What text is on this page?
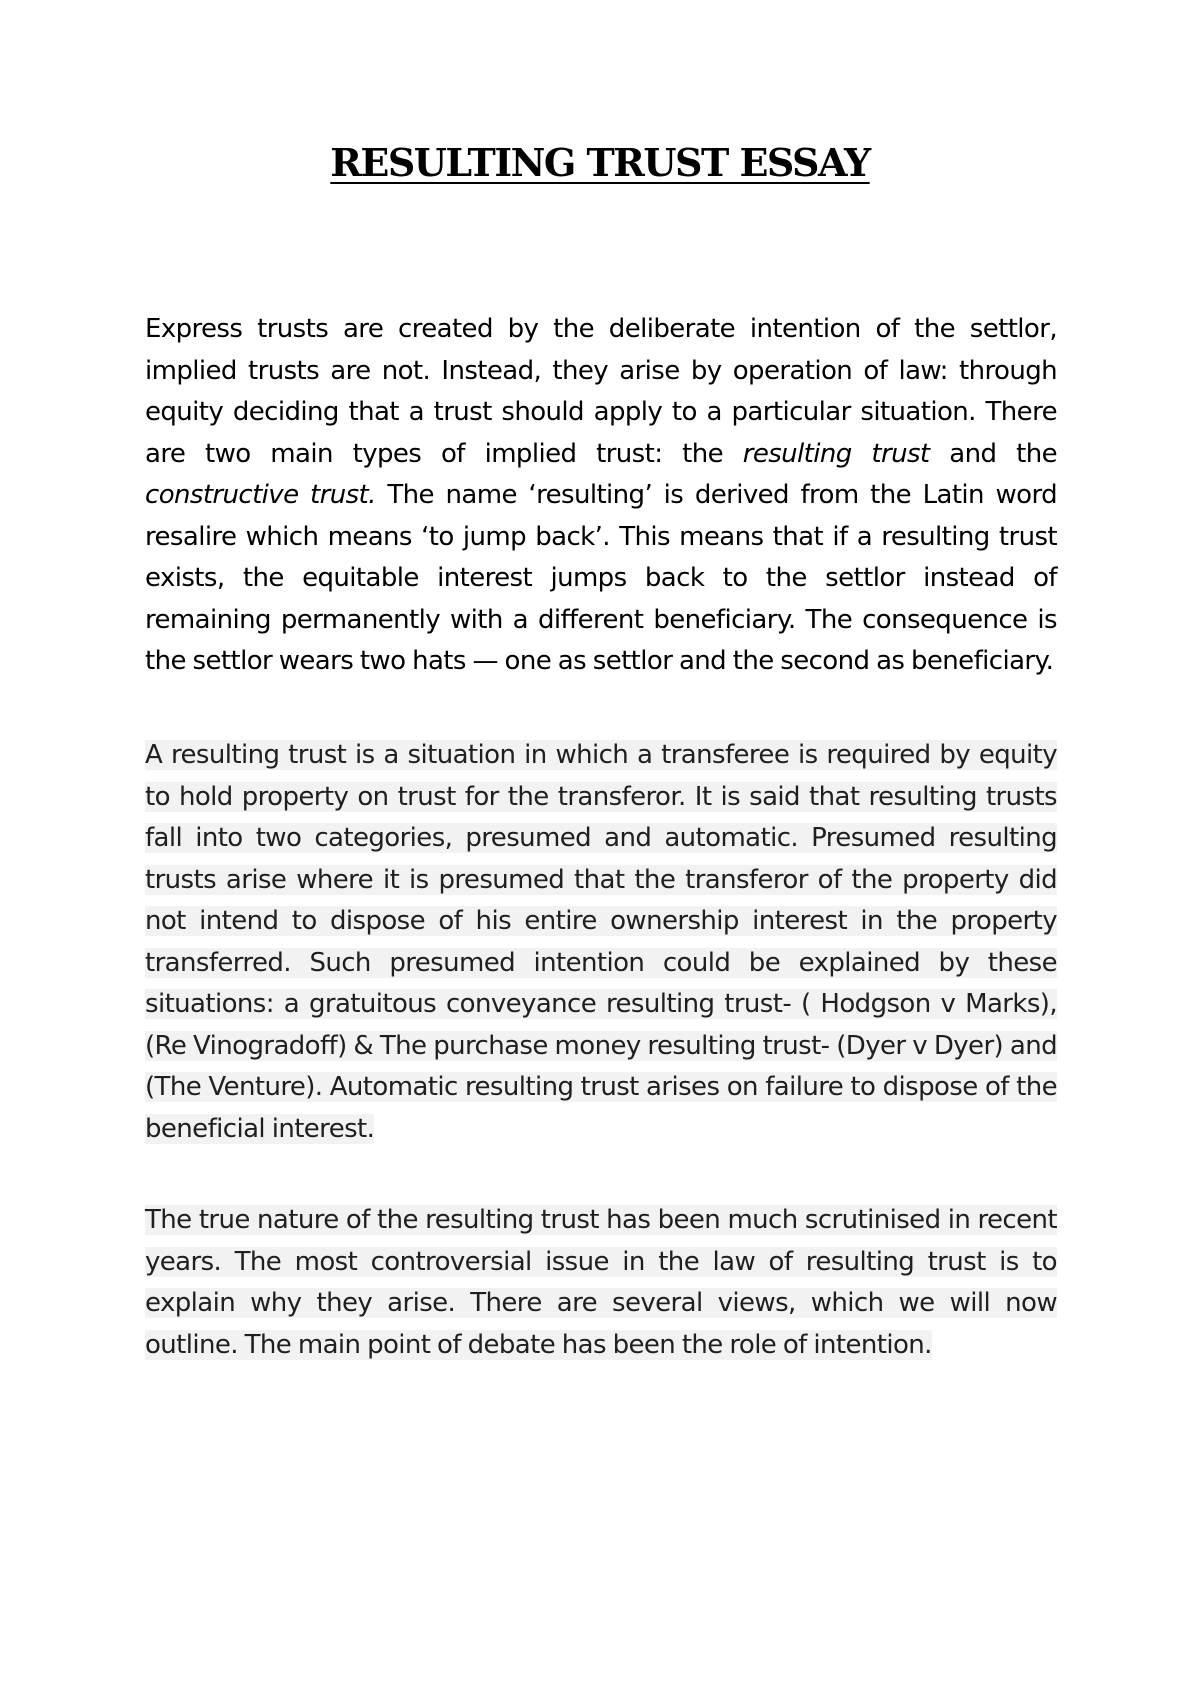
RESULTING TRUST ESSAY

Express trusts are created by the deliberate intention of the settlor, implied trusts are not. Instead, they arise by operation of law: through equity deciding that a trust should apply to a particular situation. There are two main types of implied trust: the resulting trust and the constructive trust. The name ‘resulting’ is derived from the Latin word resalire which means ‘to jump back’. This means that if a resulting trust exists, the equitable interest jumps back to the settlor instead of remaining permanently with a different beneficiary. The consequence is the settlor wears two hats — one as settlor and the second as beneficiary.

A resulting trust is a situation in which a transferee is required by equity to hold property on trust for the transferor. It is said that resulting trusts fall into two categories, presumed and automatic. Presumed resulting trusts arise where it is presumed that the transferor of the property did not intend to dispose of his entire ownership interest in the property transferred. Such presumed intention could be explained by these situations: a gratuitous conveyance resulting trust- ( Hodgson v Marks), (Re Vinogradoff) & The purchase money resulting trust- (Dyer v Dyer) and (The Venture). Automatic resulting trust arises on failure to dispose of the beneficial interest.

The true nature of the resulting trust has been much scrutinised in recent years. The most controversial issue in the law of resulting trust is to explain why they arise. There are several views, which we will now outline. The main point of debate has been the role of intention.
